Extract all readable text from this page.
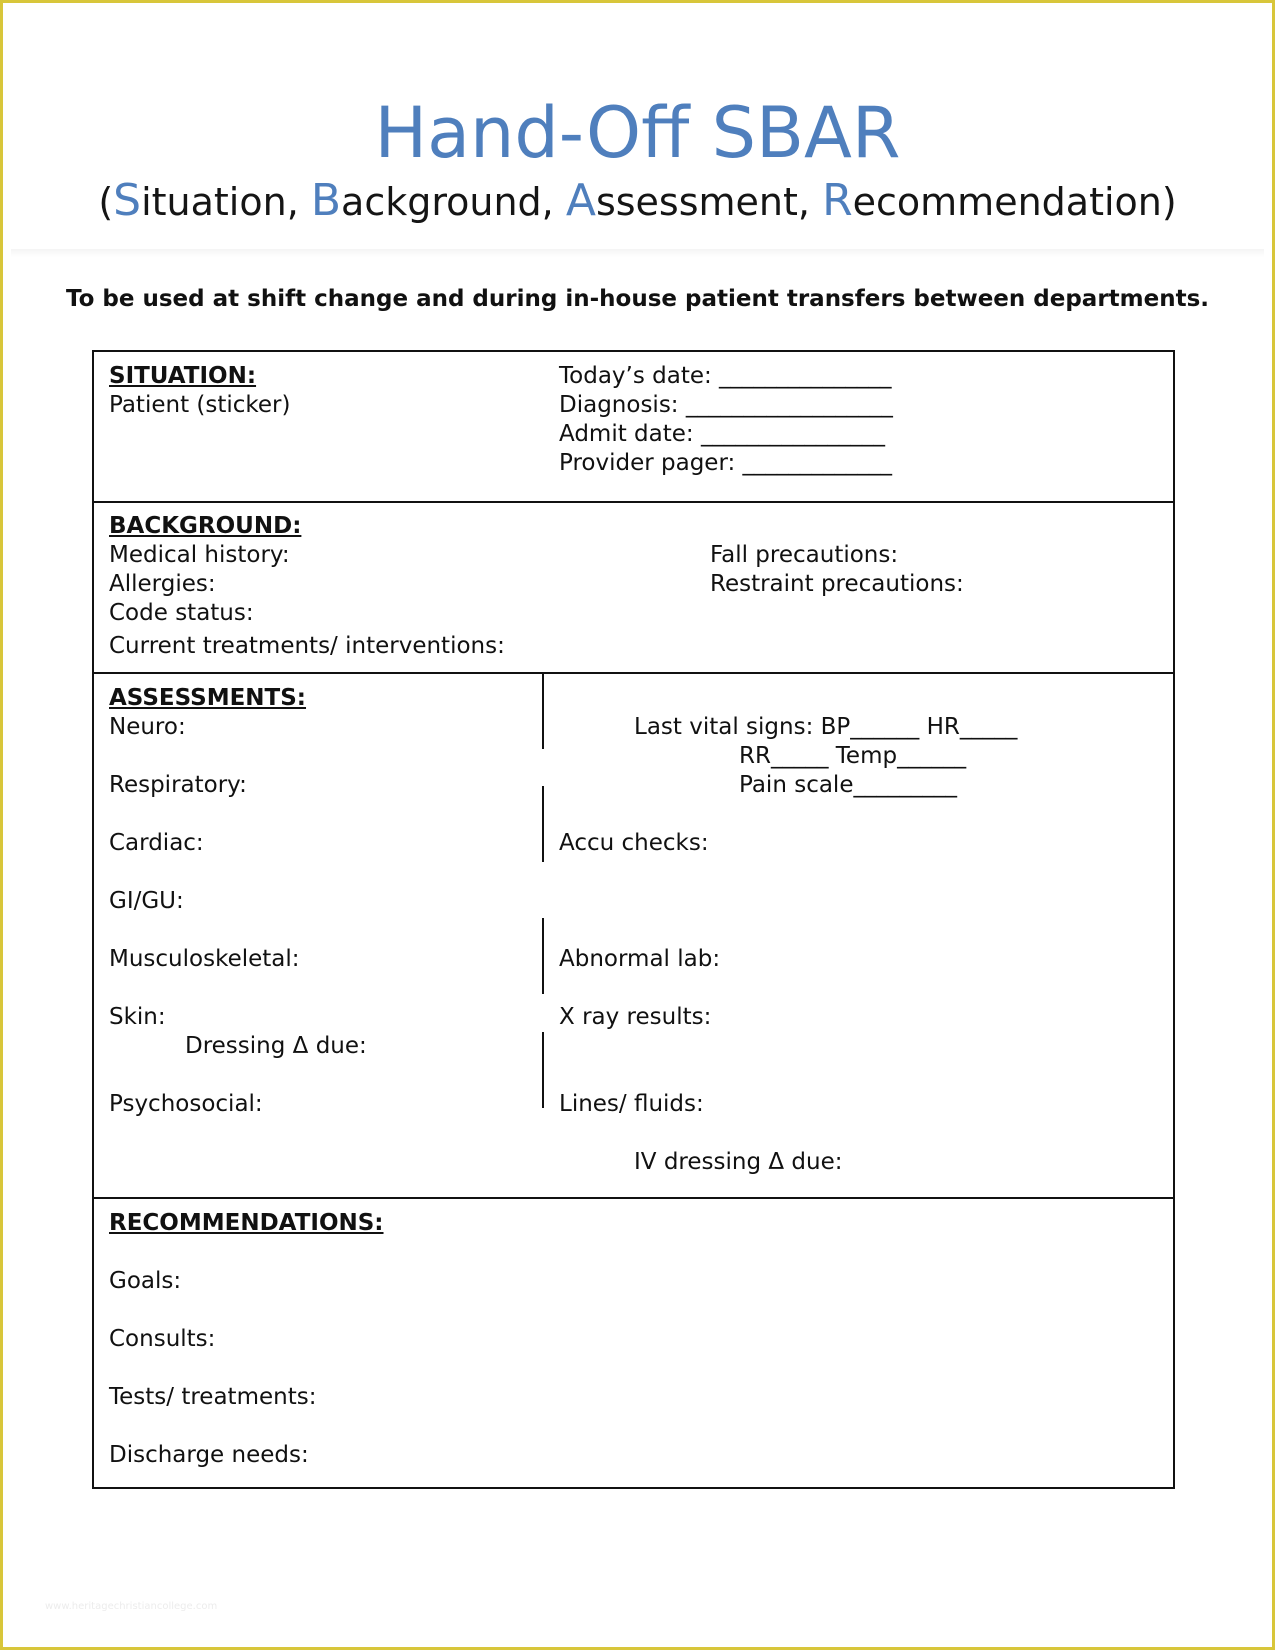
Hand-Off SBAR
(Situation, Background, Assessment, Recommendation)
To be used at shift change and during in-house patient transfers between departments.
SITUATION:
Patient (sticker)
Today’s date: _______________
Diagnosis: __________________
Admit date: ________________
Provider pager: _____________
BACKGROUND:
Medical history:
Allergies:
Code status:
Current treatments/ interventions:
Fall precautions:
Restraint precautions:
ASSESSMENTS:
Neuro:
Respiratory:
Cardiac:
GI/GU:
Musculoskeletal:
Skin:
Dressing Δ due:
Psychosocial:
Last vital signs: BP______ HR_____
RR_____ Temp______
Pain scale_________
Accu checks:
Abnormal lab:
X ray results:
Lines/ fluids:
IV dressing Δ due:
RECOMMENDATIONS:
Goals:
Consults:
Tests/ treatments:
Discharge needs:
www.heritagechristiancollege.com
